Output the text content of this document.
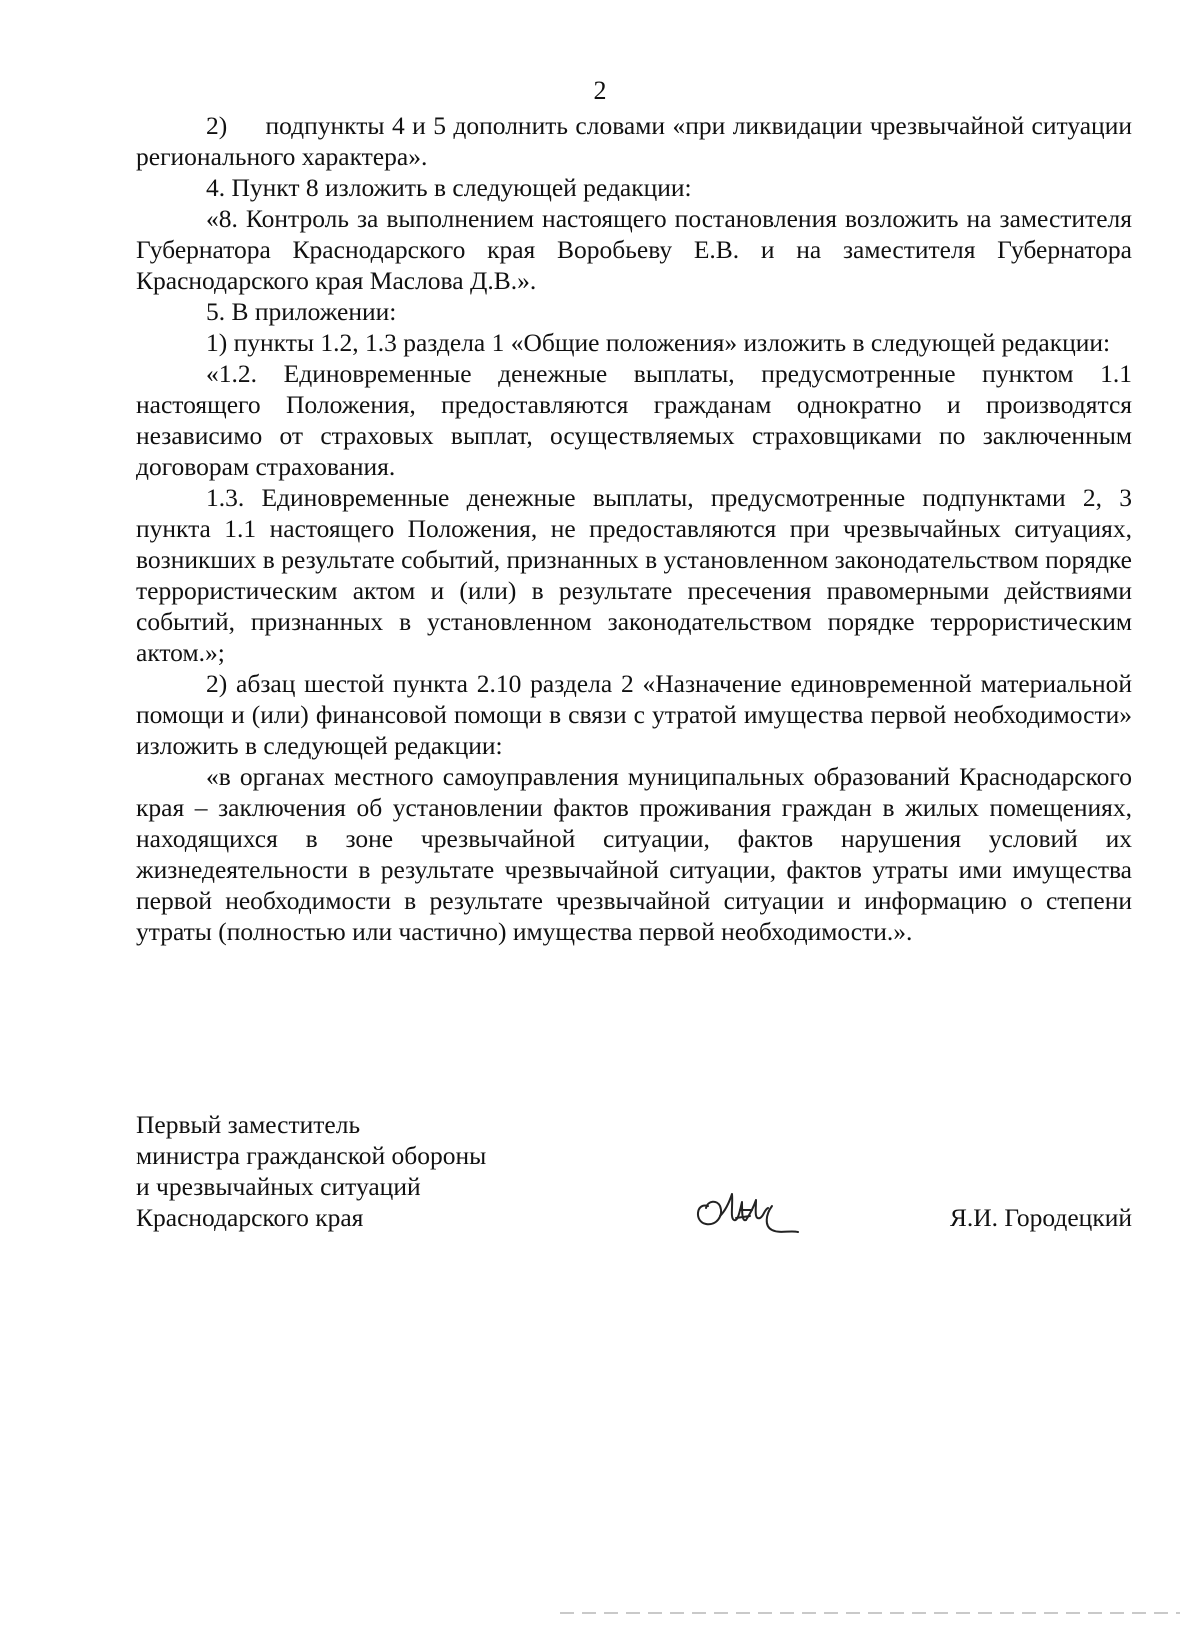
2

2)  подпункты 4 и 5 дополнить словами «при ликвидации чрезвычайной ситуации регионального характера».

4. Пункт 8 изложить в следующей редакции:

«8. Контроль за выполнением настоящего постановления возложить на заместителя Губернатора Краснодарского края Воробьеву Е.В. и на заместителя Губернатора Краснодарского края Маслова Д.В.».

5. В приложении:

1) пункты 1.2, 1.3 раздела 1 «Общие положения» изложить в следующей редакции:

«1.2. Единовременные денежные выплаты, предусмотренные пунктом 1.1 настоящего Положения, предоставляются гражданам однократно и производятся независимо от страховых выплат, осуществляемых страховщиками по заключенным договорам страхования.

1.3. Единовременные денежные выплаты, предусмотренные подпунктами 2, 3 пункта 1.1 настоящего Положения, не предоставляются при чрезвычайных ситуациях, возникших в результате событий, признанных в установленном законодательством порядке террористическим актом и (или) в результате пресечения правомерными действиями событий, признанных в установленном законодательством порядке террористическим актом.»;

2) абзац шестой пункта 2.10 раздела 2 «Назначение единовременной материальной помощи и (или) финансовой помощи в связи с утратой имущества первой необходимости» изложить в следующей редакции:

«в органах местного самоуправления муниципальных образований Краснодарского края – заключения об установлении фактов проживания граждан в жилых помещениях, находящихся в зоне чрезвычайной ситуации, фактов нарушения условий их жизнедеятельности в результате чрезвычайной ситуации, фактов утраты ими имущества первой необходимости в результате чрезвычайной ситуации и информацию о степени утраты (полностью или частично) имущества первой необходимости.».

Первый заместитель
министра гражданской обороны
и чрезвычайных ситуаций
Краснодарского края	Я.И. Городецкий
